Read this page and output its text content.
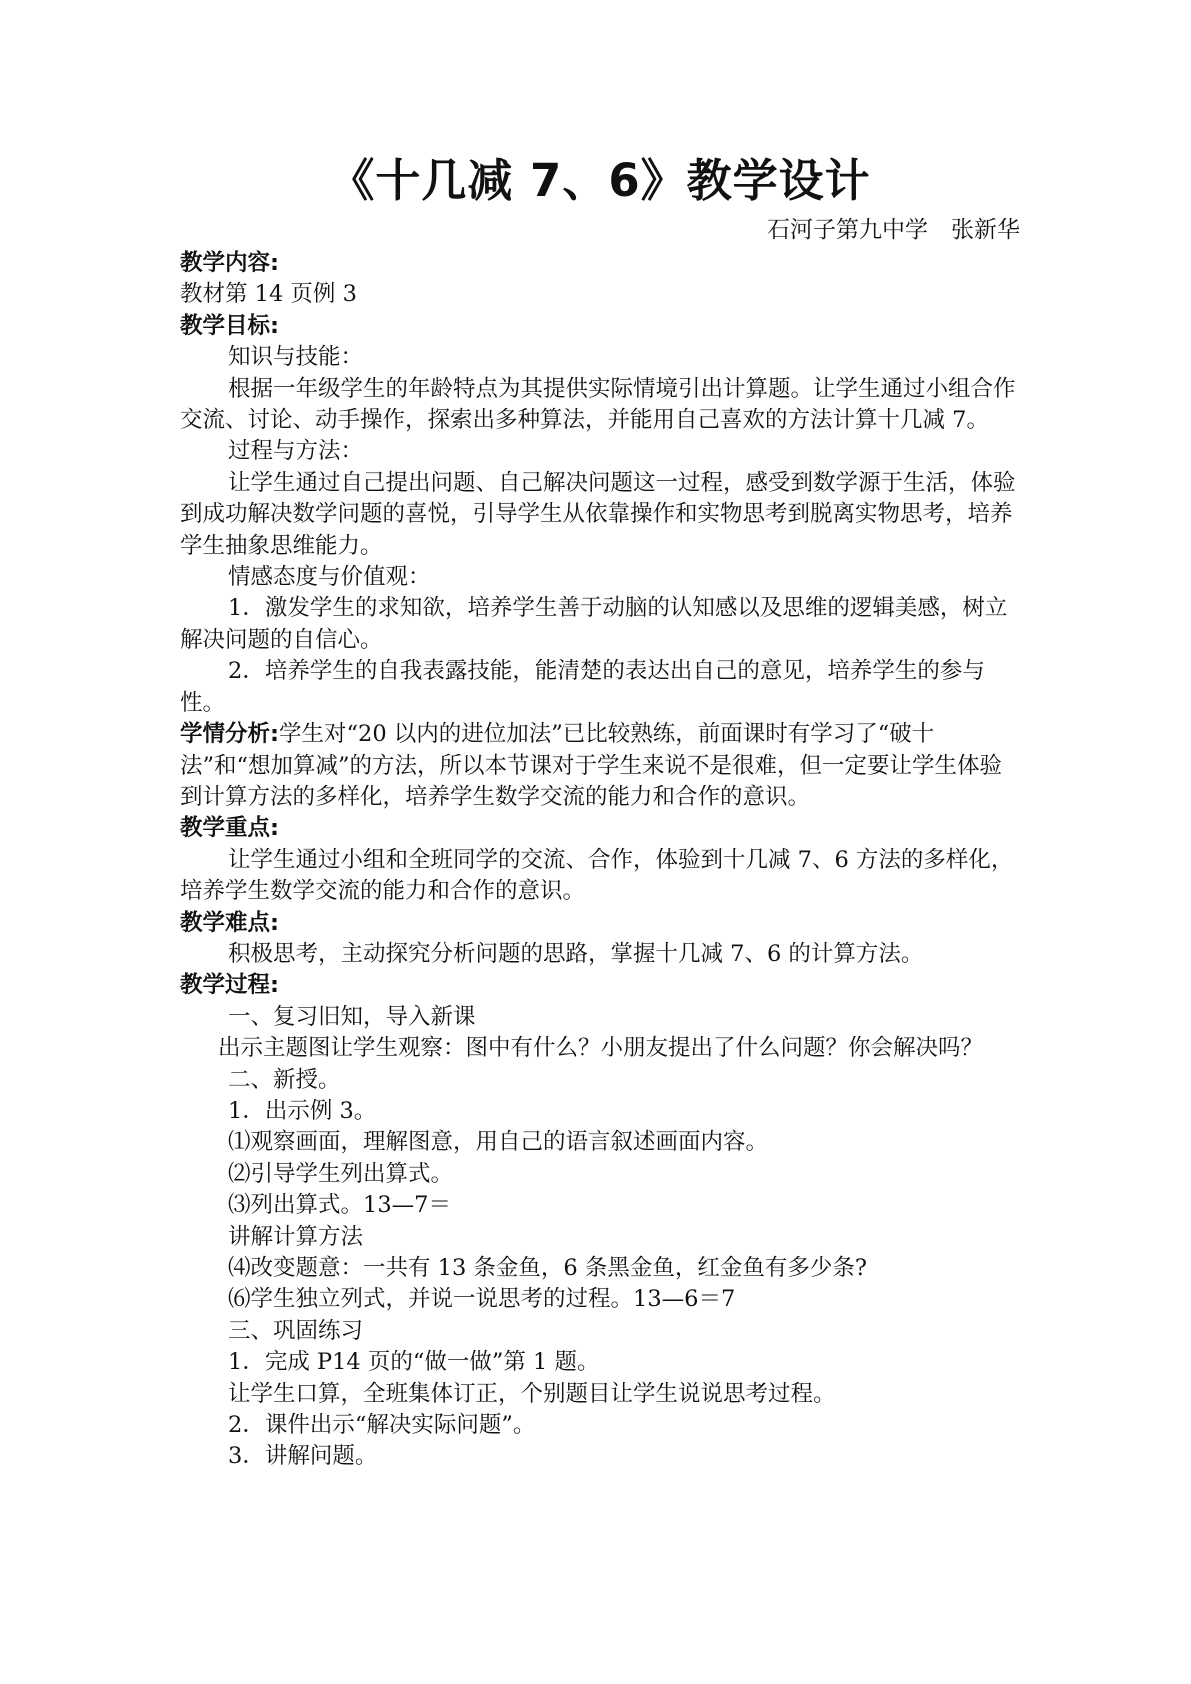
《十几减 7、6》教学设计
石河子第九中学　张新华

教学内容:

教材第 14 页例 3

教学目标:

知识与技能：

根据一年级学生的年龄特点为其提供实际情境引出计算题。让学生通过小组合作交流、讨论、动手操作，探索出多种算法，并能用自己喜欢的方法计算十几减 7。

过程与方法：

让学生通过自己提出问题、自己解决问题这一过程，感受到数学源于生活，体验到成功解决数学问题的喜悦，引导学生从依靠操作和实物思考到脱离实物思考，培养学生抽象思维能力。

情感态度与价值观：

1．激发学生的求知欲，培养学生善于动脑的认知感以及思维的逻辑美感，树立解决问题的自信心。

2．培养学生的自我表露技能，能清楚的表达出自己的意见，培养学生的参与性。

学情分析:学生对“20 以内的进位加法”已比较熟练，前面课时有学习了“破十法”和“想加算减”的方法，所以本节课对于学生来说不是很难，但一定要让学生体验到计算方法的多样化，培养学生数学交流的能力和合作的意识。

教学重点:

让学生通过小组和全班同学的交流、合作，体验到十几减 7、6 方法的多样化，培养学生数学交流的能力和合作的意识。

教学难点:

积极思考，主动探究分析问题的思路，掌握十几减 7、6 的计算方法。

教学过程:

一、复习旧知，导入新课

出示主题图让学生观察：图中有什么？小朋友提出了什么问题？你会解决吗？

二、新授。

1．出示例 3。

⑴观察画面，理解图意，用自己的语言叙述画面内容。

⑵引导学生列出算式。

⑶列出算式。13—7＝

讲解计算方法

⑷改变题意：一共有 13 条金鱼，6 条黑金鱼，红金鱼有多少条?

⑹学生独立列式，并说一说思考的过程。13—6＝7

三、巩固练习

1．完成 P14 页的“做一做”第 1 题。

让学生口算，全班集体订正，个别题目让学生说说思考过程。

2．课件出示“解决实际问题”。

3．讲解问题。
